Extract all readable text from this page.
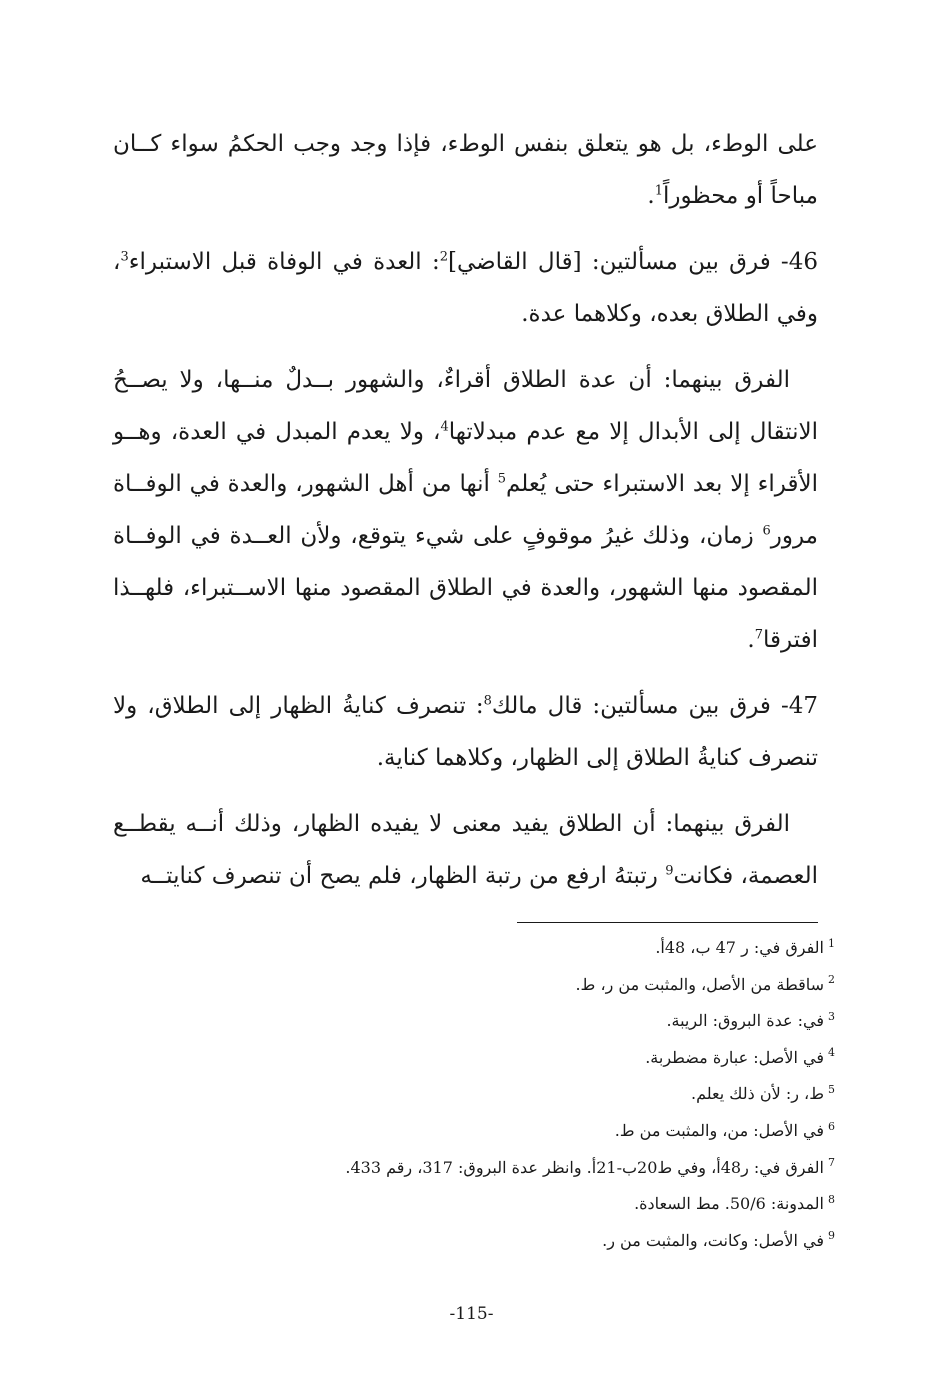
على الوطء، بل هو يتعلق بنفس الوطء، فإذا وجد وجب الحكمُ سواء كــان مباحاً أو محظوراً$^1$.

46- فرق بين مسألتين: [قال القاضي]$^2$: العدة في الوفاة قبل الاستبراء$^3$، وفي الطلاق بعده، وكلاهما عدة.

الفرق بينهما: أن عدة الطلاق أقراءٌ، والشهور بــدلٌ منــها، ولا يصــحُ الانتقال إلى الأبدال إلا مع عدم مبدلاتها$^4$، ولا يعدم المبدل في العدة، وهــو الأقراء إلا بعد الاستبراء حتى يُعلم$^5$ أنها من أهل الشهور، والعدة في الوفــاة مرور$^6$ زمان، وذلك غيرُ موقوفٍ على شيء يتوقع، ولأن العــدة في الوفــاة المقصود منها الشهور، والعدة في الطلاق المقصود منها الاســتبراء، فلهــذا افترقا$^7$.

47- فرق بين مسألتين: قال مالك$^8$: تنصرف كنايةُ الظهار إلى الطلاق، ولا تنصرف كنايةُ الطلاق إلى الظهار، وكلاهما كناية.

الفرق بينهما: أن الطلاق يفيد معنى لا يفيده الظهار، وذلك أنــه يقطــع العصمة، فكانت$^9$ رتبتهُ ارفع من رتبة الظهار، فلم يصح أن تنصرف كنايتــه

$^1$الفرق في: ر 47 ب، 48أ.

$^2$ساقطة من الأصل، والمثبت من ر، ط.

$^3$في: عدة البروق: الريبة.

$^4$في الأصل: عبارة مضطربة.

$^5$ط، ر: لأن ذلك يعلم.

$^6$في الأصل: من، والمثبت من ط.

$^7$الفرق في: ر48أ، وفي ط20ب-21أ. وانظر عدة البروق: 317، رقم 433.

$^8$المدونة: 50/6. مط السعادة.

$^9$في الأصل: وكانت، والمثبت من ر.

-115-
